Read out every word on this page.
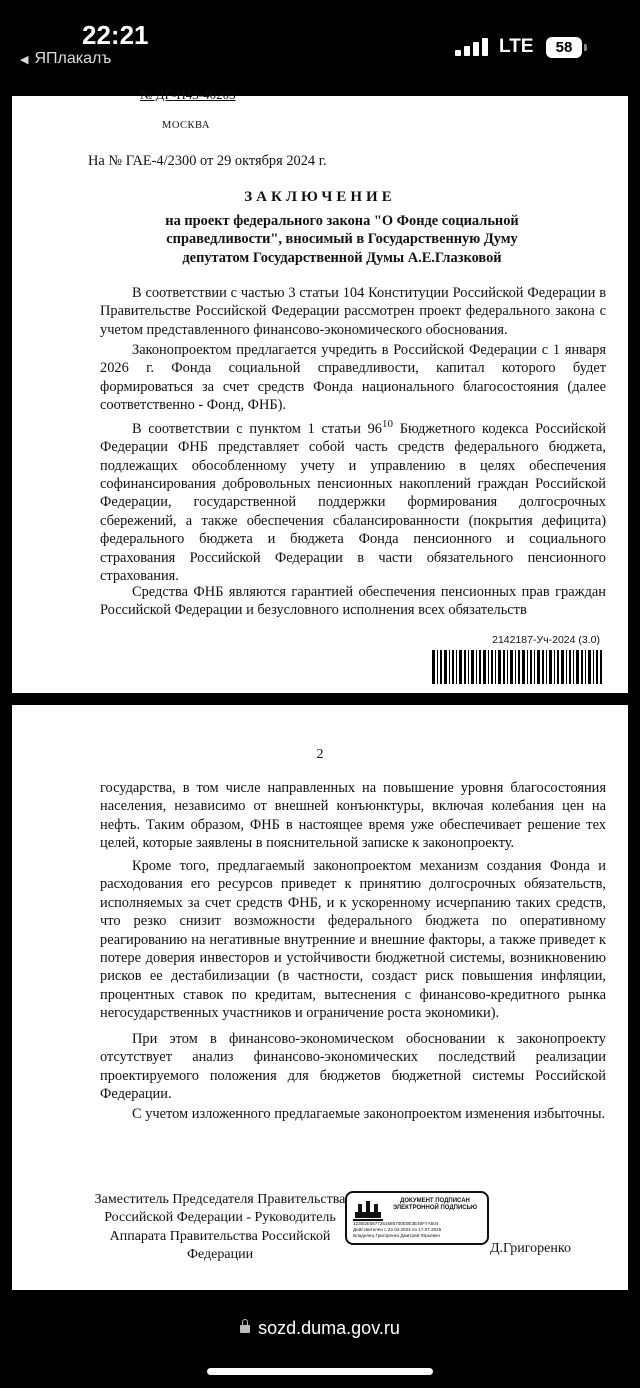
22:21
◀ ЯПлакалъ
LTE	58
№ ДГ-П43-40203
МОСКВА
На № ГАЕ-4/2300 от 29 октября 2024 г.
ЗАКЛЮЧЕНИЕ
на проект федерального закона "О Фонде социальной справедливости", вносимый в Государственную Думу депутатом Государственной Думы А.Е.Глазковой

В соответствии с частью 3 статьи 104 Конституции Российской Федерации в Правительстве Российской Федерации рассмотрен проект федерального закона с учетом представленного финансово-экономического обоснования.

Законопроектом предлагается учредить в Российской Федерации с 1 января 2026 г. Фонда социальной справедливости, капитал которого будет формироваться за счет средств Фонда национального благосостояния (далее соответственно - Фонд, ФНБ).

В соответствии с пунктом 1 статьи $96^{10}$ Бюджетного кодекса Российской Федерации ФНБ представляет собой часть средств федерального бюджета, подлежащих обособленному учету и управлению в целях обеспечения софинансирования добровольных пенсионных накоплений граждан Российской Федерации, государственной поддержки формирования долгосрочных сбережений, а также обеспечения сбалансированности (покрытия дефицита) федерального бюджета и бюджета Фонда пенсионного и социального страхования Российской Федерации в части обязательного пенсионного страхования.

Средства ФНБ являются гарантией обеспечения пенсионных прав граждан Российской Федерации и безусловного исполнения всех обязательств

2142187-Уч-2024 (3.0)
2

государства, в том числе направленных на повышение уровня благосостояния населения, независимо от внешней конъюнктуры, включая колебания цен на нефть. Таким образом, ФНБ в настоящее время уже обеспечивает решение тех целей, которые заявлены в пояснительной записке к законопроекту.

Кроме того, предлагаемый законопроектом механизм создания Фонда и расходования его ресурсов приведет к принятию долгосрочных обязательств, исполняемых за счет средств ФНБ, и к ускоренному исчерпанию таких средств, что резко снизит возможности федерального бюджета по оперативному реагированию на негативные внутренние и внешние факторы, а также приведет к потере доверия инвесторов и устойчивости бюджетной системы, возникновению рисков ее дестабилизации (в частности, создаст риск повышения инфляции, процентных ставок по кредитам, вытеснения с финансово-кредитного рынка негосударственных участников и ограничение роста экономики).

При этом в финансово-экономическом обосновании к законопроекту отсутствует анализ финансово-экономических последствий реализации проектируемого положения для бюджетов бюджетной системы Российской Федерации.

С учетом изложенного предлагаемые законопроектом изменения избыточны.

Заместитель Председателя Правительства Российской Федерации - Руководитель Аппарата Правительства Российской Федерации
ДОКУМЕНТ ПОДПИСАН ЭЛЕКТРОННОЙ ПОДПИСЬЮ
1230DE5877261666700E0E3E40F7A504
Действителен с 23.04.2024 по 17.07.2025
Владелец Григоренко Дмитрий Юрьевич
Д.Григоренко
sozd.duma.gov.ru
